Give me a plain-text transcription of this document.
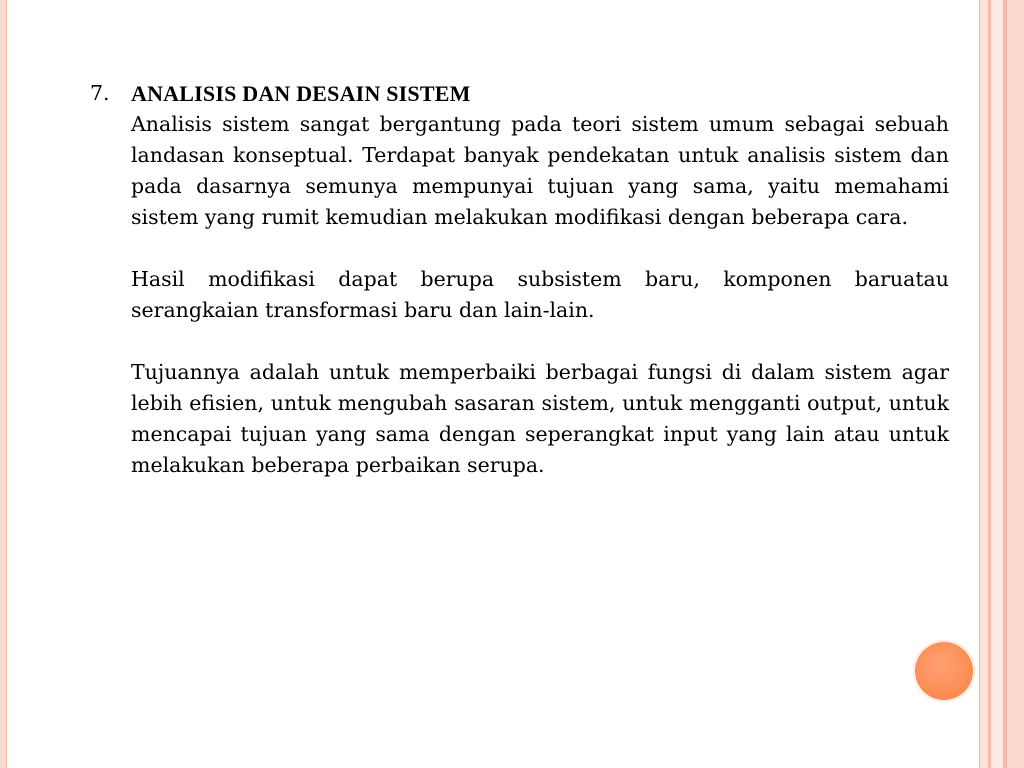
7. ANALISIS DAN DESAIN SISTEM

Analisis sistem sangat bergantung pada teori sistem umum sebagai sebuah landasan konseptual. Terdapat banyak pendekatan untuk analisis sistem dan pada dasarnya semunya mempunyai tujuan yang sama, yaitu memahami sistem yang rumit kemudian melakukan modifikasi dengan beberapa cara.

Hasil modifikasi dapat berupa subsistem baru, komponen baruatau serangkaian transformasi baru dan lain-lain.

Tujuannya adalah untuk memperbaiki berbagai fungsi di dalam sistem agar lebih efisien, untuk mengubah sasaran sistem, untuk mengganti output, untuk mencapai tujuan yang sama dengan seperangkat input yang lain atau untuk melakukan beberapa perbaikan serupa.
